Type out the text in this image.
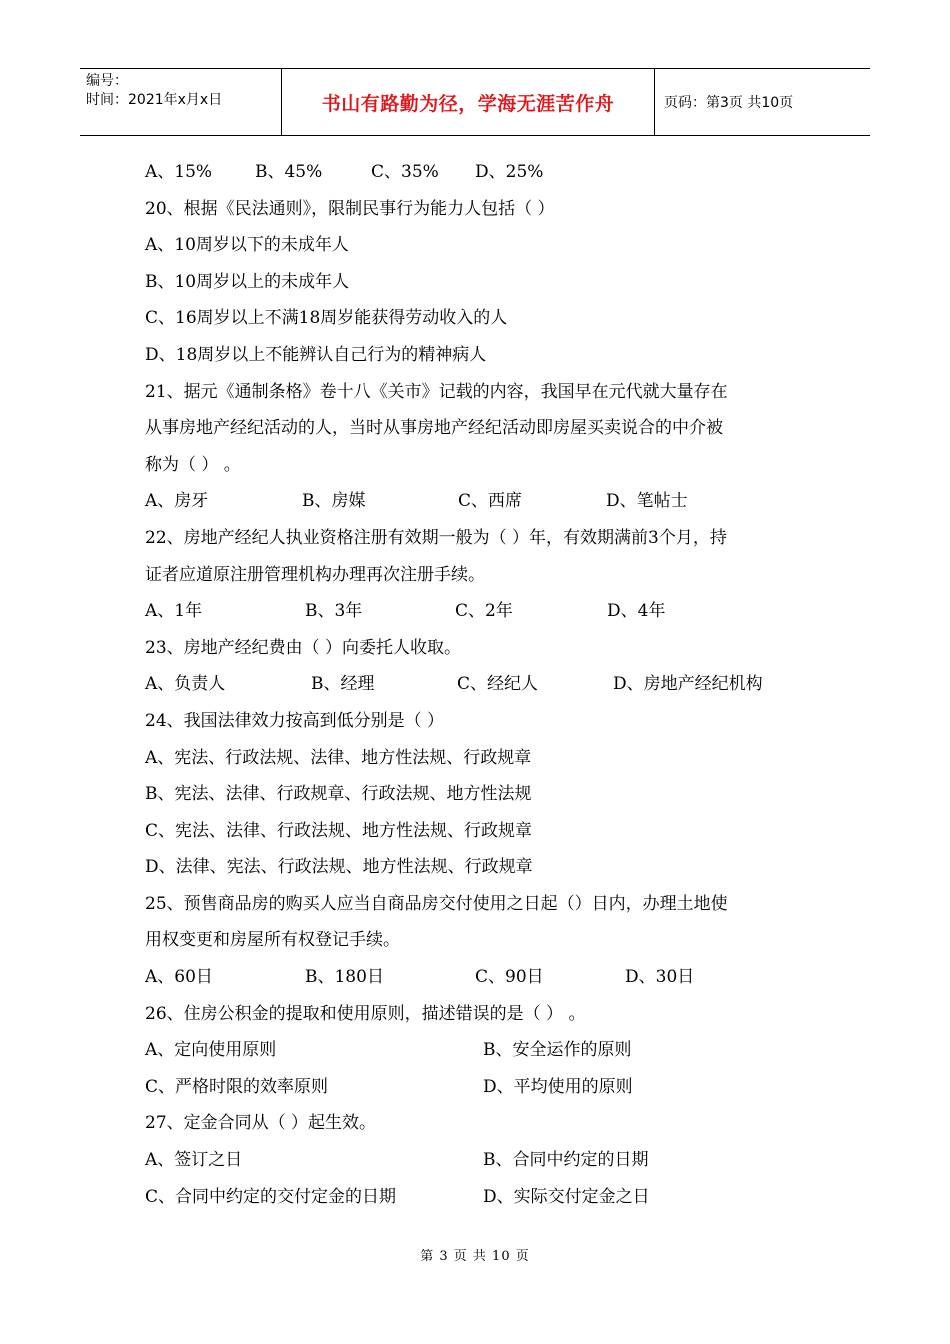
编号：
时间：2021年x月x日	书山有路勤为径，学海无涯苦作舟	页码：第3页 共10页
A、15%	B、45%	C、35%	D、25%
20、根据《民法通则》，限制民事行为能力人包括（ ）
A、10周岁以下的未成年人
B、10周岁以上的未成年人
C、16周岁以上不满18周岁能获得劳动收入的人
D、18周岁以上不能辨认自己行为的精神病人
21、据元《通制条格》卷十八《关市》记载的内容，我国早在元代就大量存在
从事房地产经纪活动的人，当时从事房地产经纪活动即房屋买卖说合的中介被
称为（ ） 。
A、房牙	B、房媒	C、西席	D、笔帖士
22、房地产经纪人执业资格注册有效期一般为（ ）年，有效期满前3个月，持
证者应道原注册管理机构办理再次注册手续。
A、1年	B、3年	C、2年	D、4年
23、房地产经纪费由（ ）向委托人收取。
A、负责人	B、经理	C、经纪人	D、房地产经纪机构
24、我国法律效力按高到低分别是（ ）
A、宪法、行政法规、法律、地方性法规、行政规章
B、宪法、法律、行政规章、行政法规、地方性法规
C、宪法、法律、行政法规、地方性法规、行政规章
D、法律、宪法、行政法规、地方性法规、行政规章
25、预售商品房的购买人应当自商品房交付使用之日起（）日内，办理土地使
用权变更和房屋所有权登记手续。
A、60日	B、180日	C、90日	D、30日
26、住房公积金的提取和使用原则，描述错误的是（ ） 。
A、定向使用原则	B、安全运作的原则
C、严格时限的效率原则	D、平均使用的原则
27、定金合同从（ ）起生效。
A、签订之日	B、合同中约定的日期
C、合同中约定的交付定金的日期	D、实际交付定金之日
第 3 页 共 10 页
